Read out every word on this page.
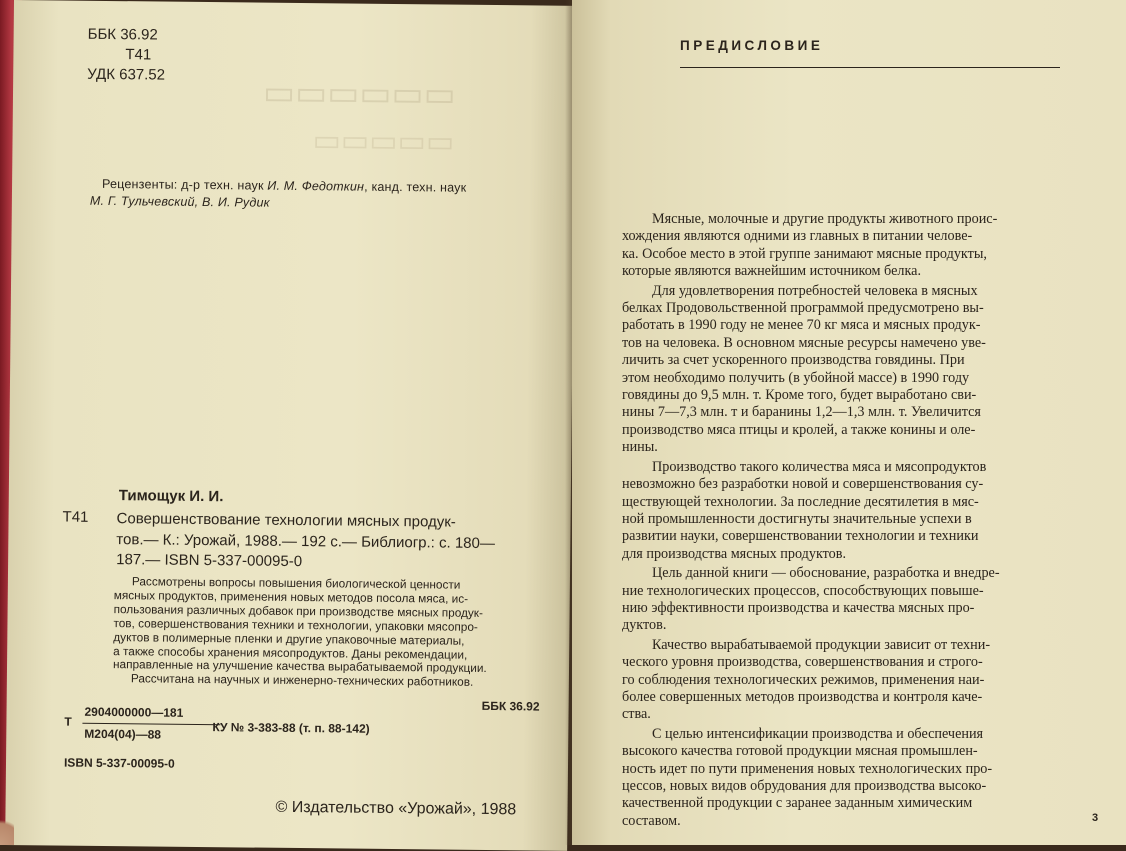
▭▭▭▭▭▭
▭▭▭▭▭
ББК 36.92
Т41
УДК 637.52
Рецензенты: д-р техн. наук И. М. Федоткин, канд. техн. наук
М. Г. Тульчевский, В. И. Рудик
Тимощук И. И.
Т41 Совершенствование технологии мясных продук-
тов.— К.: Урожай, 1988.— 192 с.— Библиогр.: с. 180—
187.— ISBN 5-337-00095-0
Рассмотрены вопросы повышения биологической ценности
мясных продуктов, применения новых методов посола мяса, ис-
пользования различных добавок при производстве мясных продук-
тов, совершенствования техники и технологии, упаковки мясопро-
дуктов в полимерные пленки и другие упаковочные материалы,
а также способы хранения мясопродуктов. Даны рекомендации,
направленные на улучшение качества вырабатываемой продукции.
Рассчитана на научных и инженерно-технических работников.
ББК 36.92
Т
2904000000—181
М204(04)—88	КУ № 3-383-88 (т. п. 88-142)
ISBN 5-337-00095-0
© Издательство «Урожай», 1988
ПРЕДИСЛОВИЕ
Мясные, молочные и другие продукты животного проис-
хождения являются одними из главных в питании челове-
ка. Особое место в этой группе занимают мясные продукты,
которые являются важнейшим источником белка.
Для удовлетворения потребностей человека в мясных
белках Продовольственной программой предусмотрено вы-
работать в 1990 году не менее 70 кг мяса и мясных продук-
тов на человека. В основном мясные ресурсы намечено уве-
личить за счет ускоренного производства говядины. При
этом необходимо получить (в убойной массе) в 1990 году
говядины до 9,5 млн. т. Кроме того, будет выработано сви-
нины 7—7,3 млн. т и баранины 1,2—1,3 млн. т. Увеличится
производство мяса птицы и кролей, а также конины и оле-
нины.
Производство такого количества мяса и мясопродуктов
невозможно без разработки новой и совершенствования су-
ществующей технологии. За последние десятилетия в мяс-
ной промышленности достигнуты значительные успехи в
развитии науки, совершенствовании технологии и техники
для производства мясных продуктов.
Цель данной книги — обоснование, разработка и внедре-
ние технологических процессов, способствующих повыше-
нию эффективности производства и качества мясных про-
дуктов.
Качество вырабатываемой продукции зависит от техни-
ческого уровня производства, совершенствования и строго-
го соблюдения технологических режимов, применения наи-
более совершенных методов производства и контроля каче-
ства.
С целью интенсификации производства и обеспечения
высокого качества готовой продукции мясная промышлен-
ность идет по пути применения новых технологических про-
цессов, новых видов обрудования для производства высоко-
качественной продукции с заранее заданным химическим
составом.	3
